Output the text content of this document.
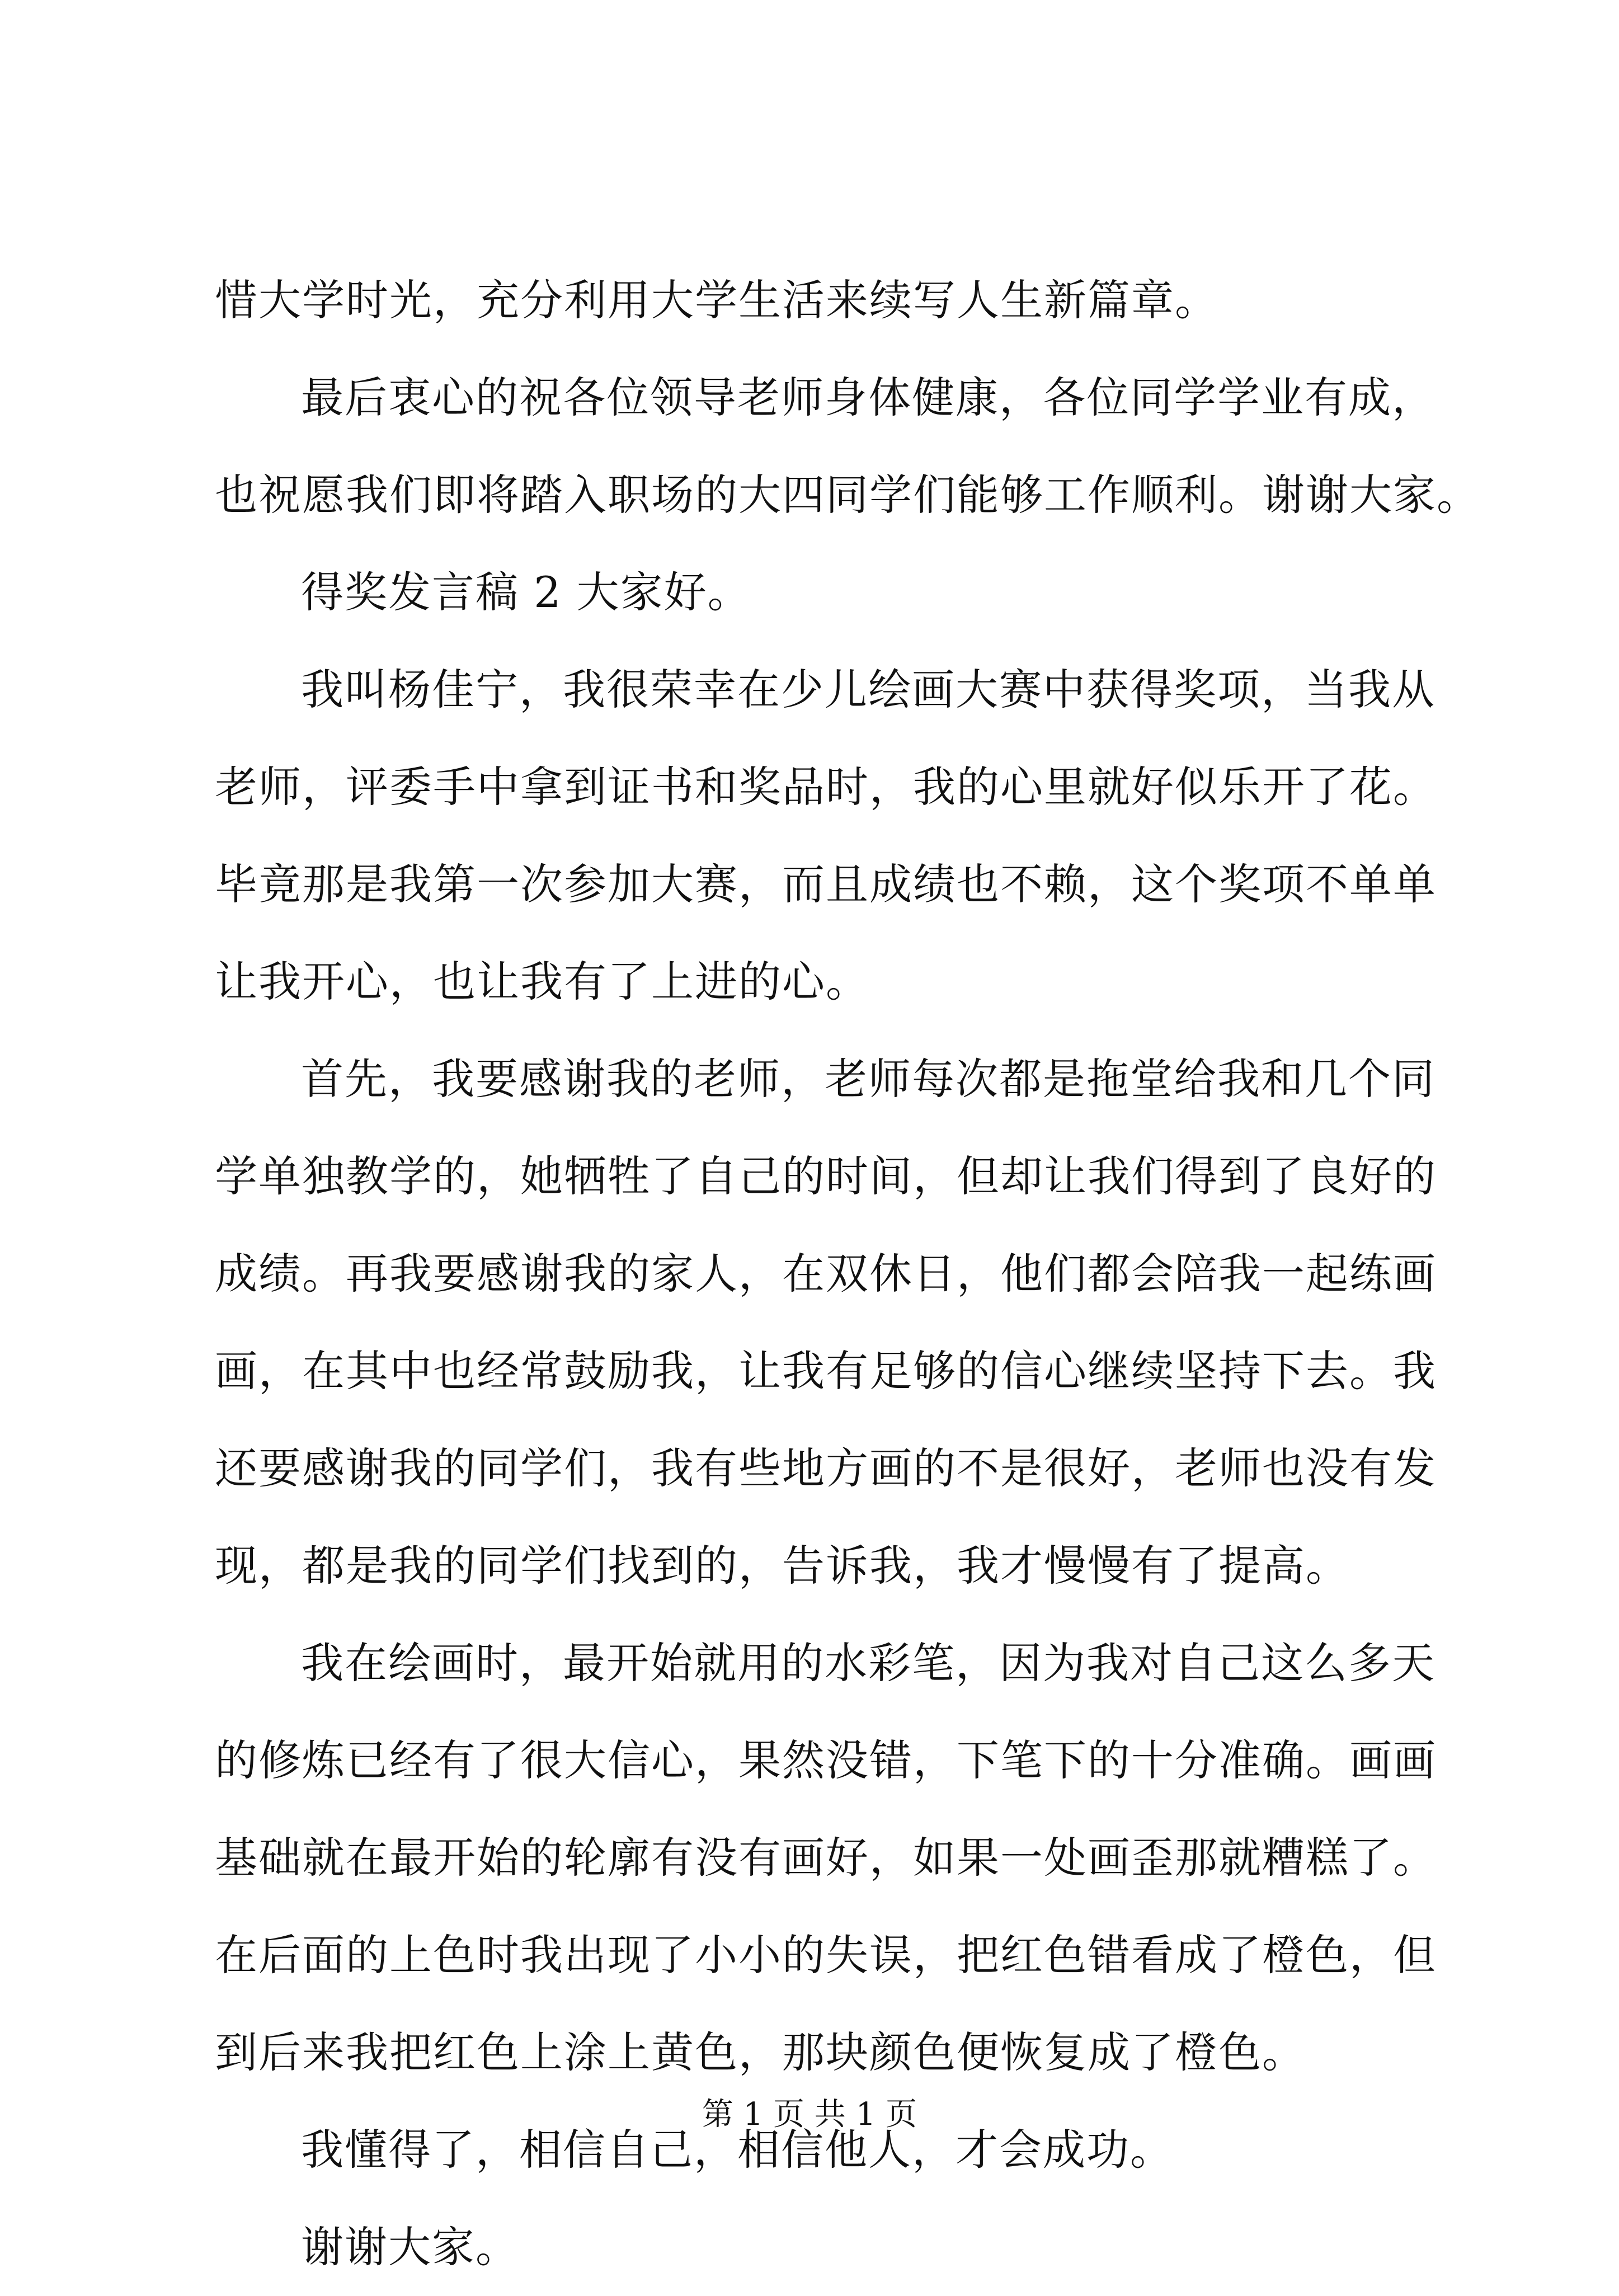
惜大学时光，充分利用大学生活来续写人生新篇章。
最后衷心的祝各位领导老师身体健康，各位同学学业有成，
也祝愿我们即将踏入职场的大四同学们能够工作顺利。谢谢大家。
得奖发言稿 2 大家好。
我叫杨佳宁，我很荣幸在少儿绘画大赛中获得奖项，当我从
老师，评委手中拿到证书和奖品时，我的心里就好似乐开了花。
毕竟那是我第一次参加大赛，而且成绩也不赖，这个奖项不单单
让我开心，也让我有了上进的心。
首先，我要感谢我的老师，老师每次都是拖堂给我和几个同
学单独教学的，她牺牲了自己的时间，但却让我们得到了良好的
成绩。再我要感谢我的家人，在双休日，他们都会陪我一起练画
画，在其中也经常鼓励我，让我有足够的信心继续坚持下去。我
还要感谢我的同学们，我有些地方画的不是很好，老师也没有发
现，都是我的同学们找到的，告诉我，我才慢慢有了提高。
我在绘画时，最开始就用的水彩笔，因为我对自己这么多天
的修炼已经有了很大信心，果然没错，下笔下的十分准确。画画
基础就在最开始的轮廓有没有画好，如果一处画歪那就糟糕了。
在后面的上色时我出现了小小的失误，把红色错看成了橙色，但
到后来我把红色上涂上黄色，那块颜色便恢复成了橙色。
我懂得了，相信自己，相信他人，才会成功。
谢谢大家。
第 1 页 共 1 页
